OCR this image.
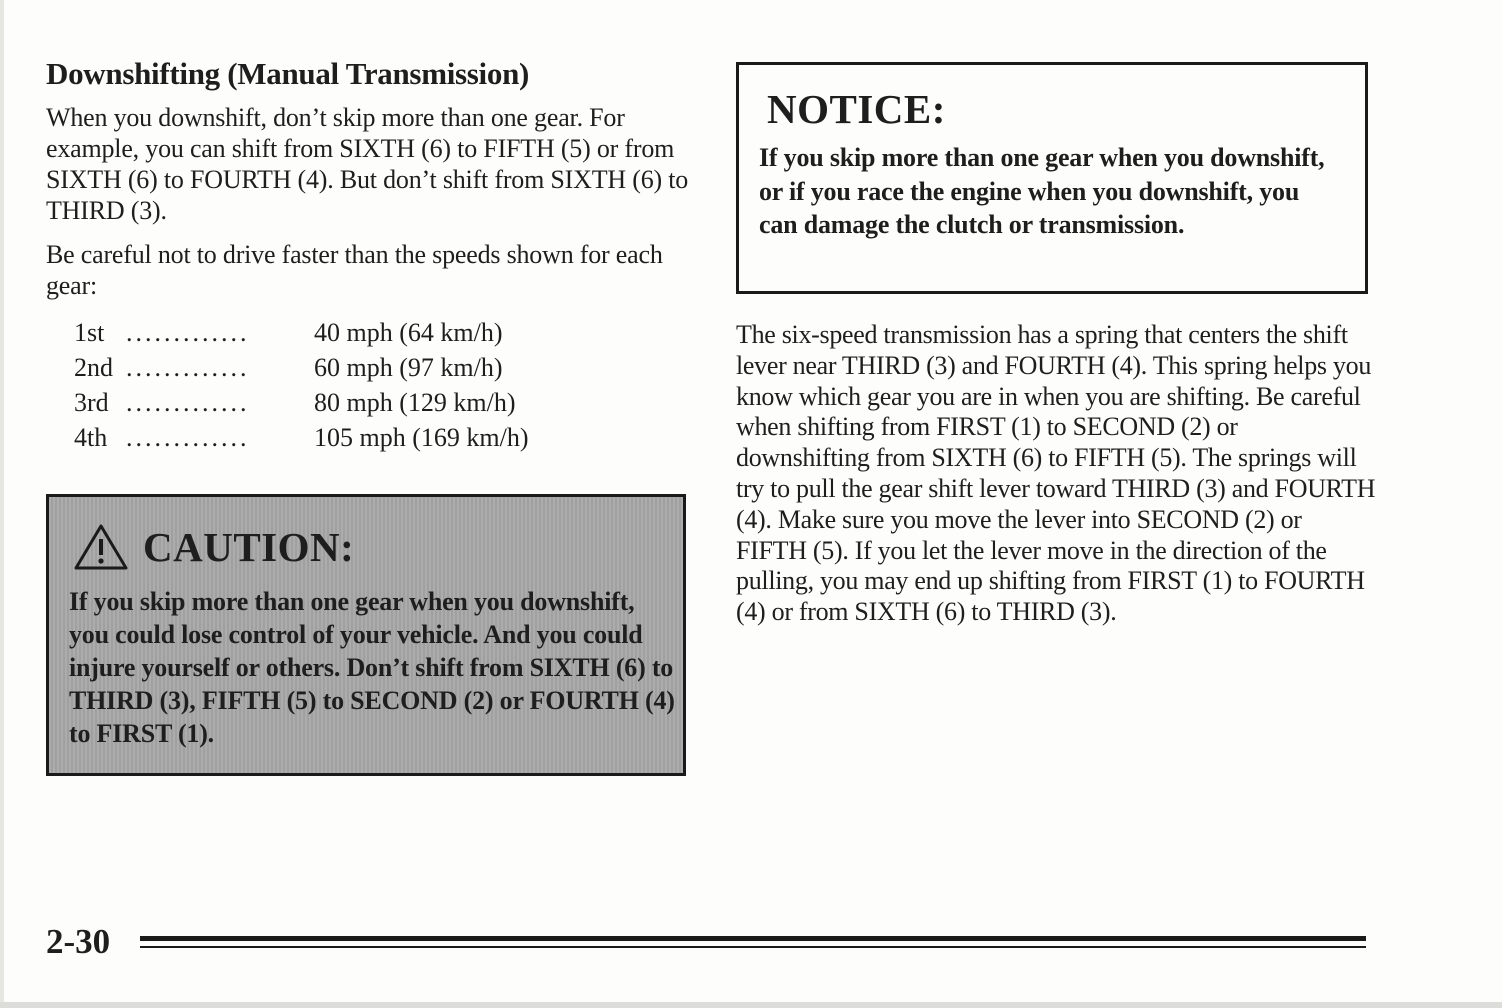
Downshifting (Manual Transmission)

When you downshift, don’t skip more than one gear. For example, you can shift from SIXTH (6) to FIFTH (5) or from SIXTH (6) to FOURTH (4). But don’t shift from SIXTH (6) to THIRD (3).

Be careful not to drive faster than the speeds shown for each gear:

1st .............	40 mph (64 km/h)
2nd .............	60 mph (97 km/h)
3rd .............	80 mph (129 km/h)
4th .............	105 mph (169 km/h)
CAUTION:
If you skip more than one gear when you downshift, you could lose control of your vehicle. And you could injure yourself or others. Don’t shift from SIXTH (6) to THIRD (3), FIFTH (5) to SECOND (2) or FOURTH (4) to FIRST (1).
NOTICE:
If you skip more than one gear when you downshift, or if you race the engine when you downshift, you can damage the clutch or transmission.

The six-speed transmission has a spring that centers the shift lever near THIRD (3) and FOURTH (4). This spring helps you know which gear you are in when you are shifting. Be careful when shifting from FIRST (1) to SECOND (2) or downshifting from SIXTH (6) to FIFTH (5). The springs will try to pull the gear shift lever toward THIRD (3) and FOURTH (4). Make sure you move the lever into SECOND (2) or FIFTH (5). If you let the lever move in the direction of the pulling, you may end up shifting from FIRST (1) to FOURTH (4) or from SIXTH (6) to THIRD (3).

2-30
